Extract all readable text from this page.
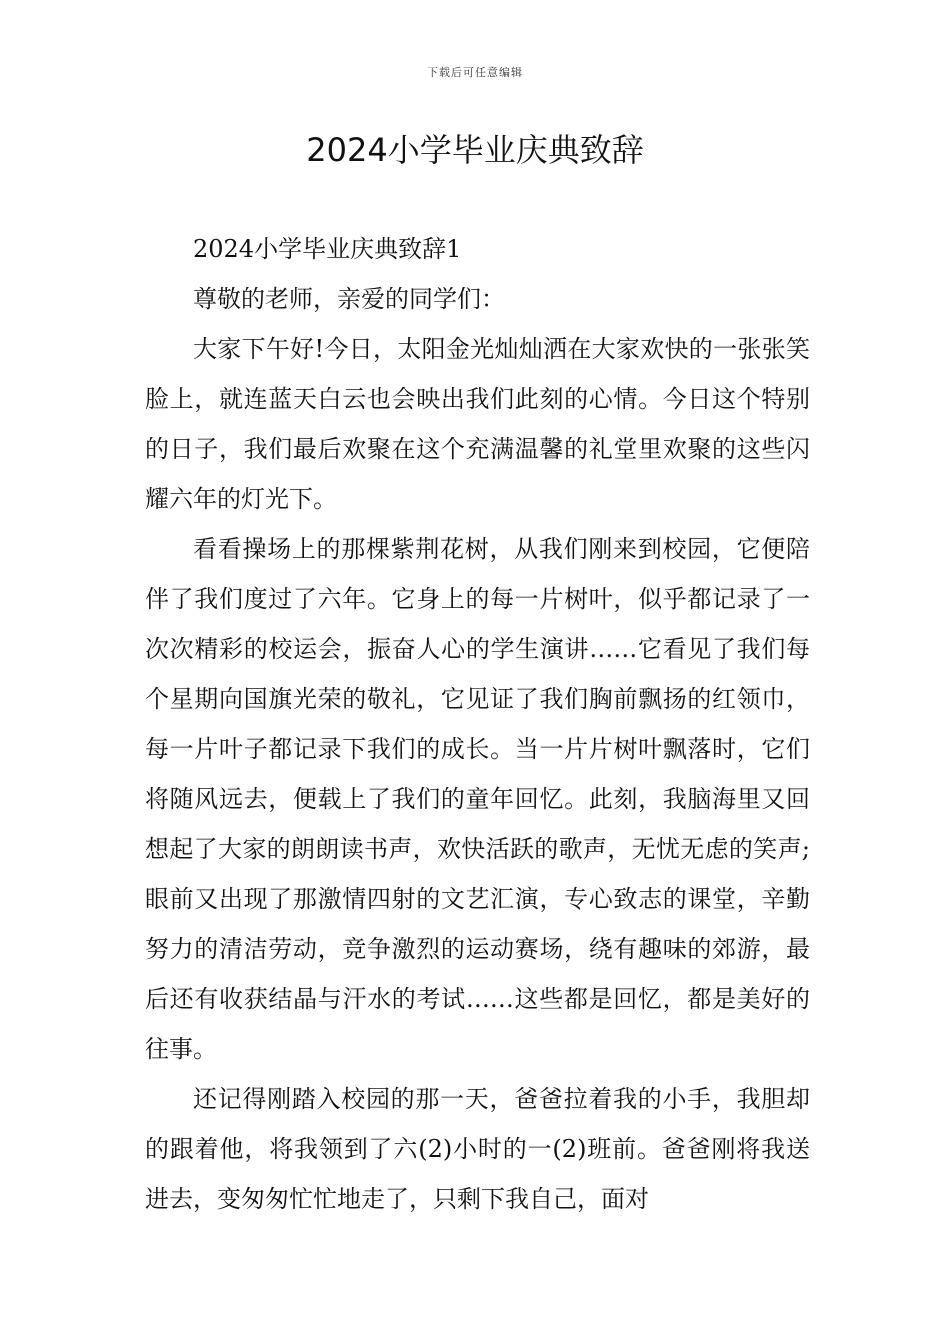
下载后可任意编辑
2024小学毕业庆典致辞

2024小学毕业庆典致辞1

尊敬的老师，亲爱的同学们：

大家下午好!今日，太阳金光灿灿洒在大家欢快的一张张笑脸上，就连蓝天白云也会映出我们此刻的心情。今日这个特别的日子，我们最后欢聚在这个充满温馨的礼堂里欢聚的这些闪耀六年的灯光下。

看看操场上的那棵紫荆花树，从我们刚来到校园，它便陪伴了我们度过了六年。它身上的每一片树叶，似乎都记录了一次次精彩的校运会，振奋人心的学生演讲……它看见了我们每个星期向国旗光荣的敬礼，它见证了我们胸前飘扬的红领巾，每一片叶子都记录下我们的成长。当一片片树叶飘落时，它们将随风远去，便载上了我们的童年回忆。此刻，我脑海里又回想起了大家的朗朗读书声，欢快活跃的歌声，无忧无虑的笑声;眼前又出现了那激情四射的文艺汇演，专心致志的课堂，辛勤努力的清洁劳动，竞争激烈的运动赛场，绕有趣味的郊游，最后还有收获结晶与汗水的考试……这些都是回忆，都是美好的往事。

还记得刚踏入校园的那一天，爸爸拉着我的小手，我胆却的跟着他，将我领到了六(2)小时的一(2)班前。爸爸刚将我送进去，变匆匆忙忙地走了，只剩下我自己，面对
